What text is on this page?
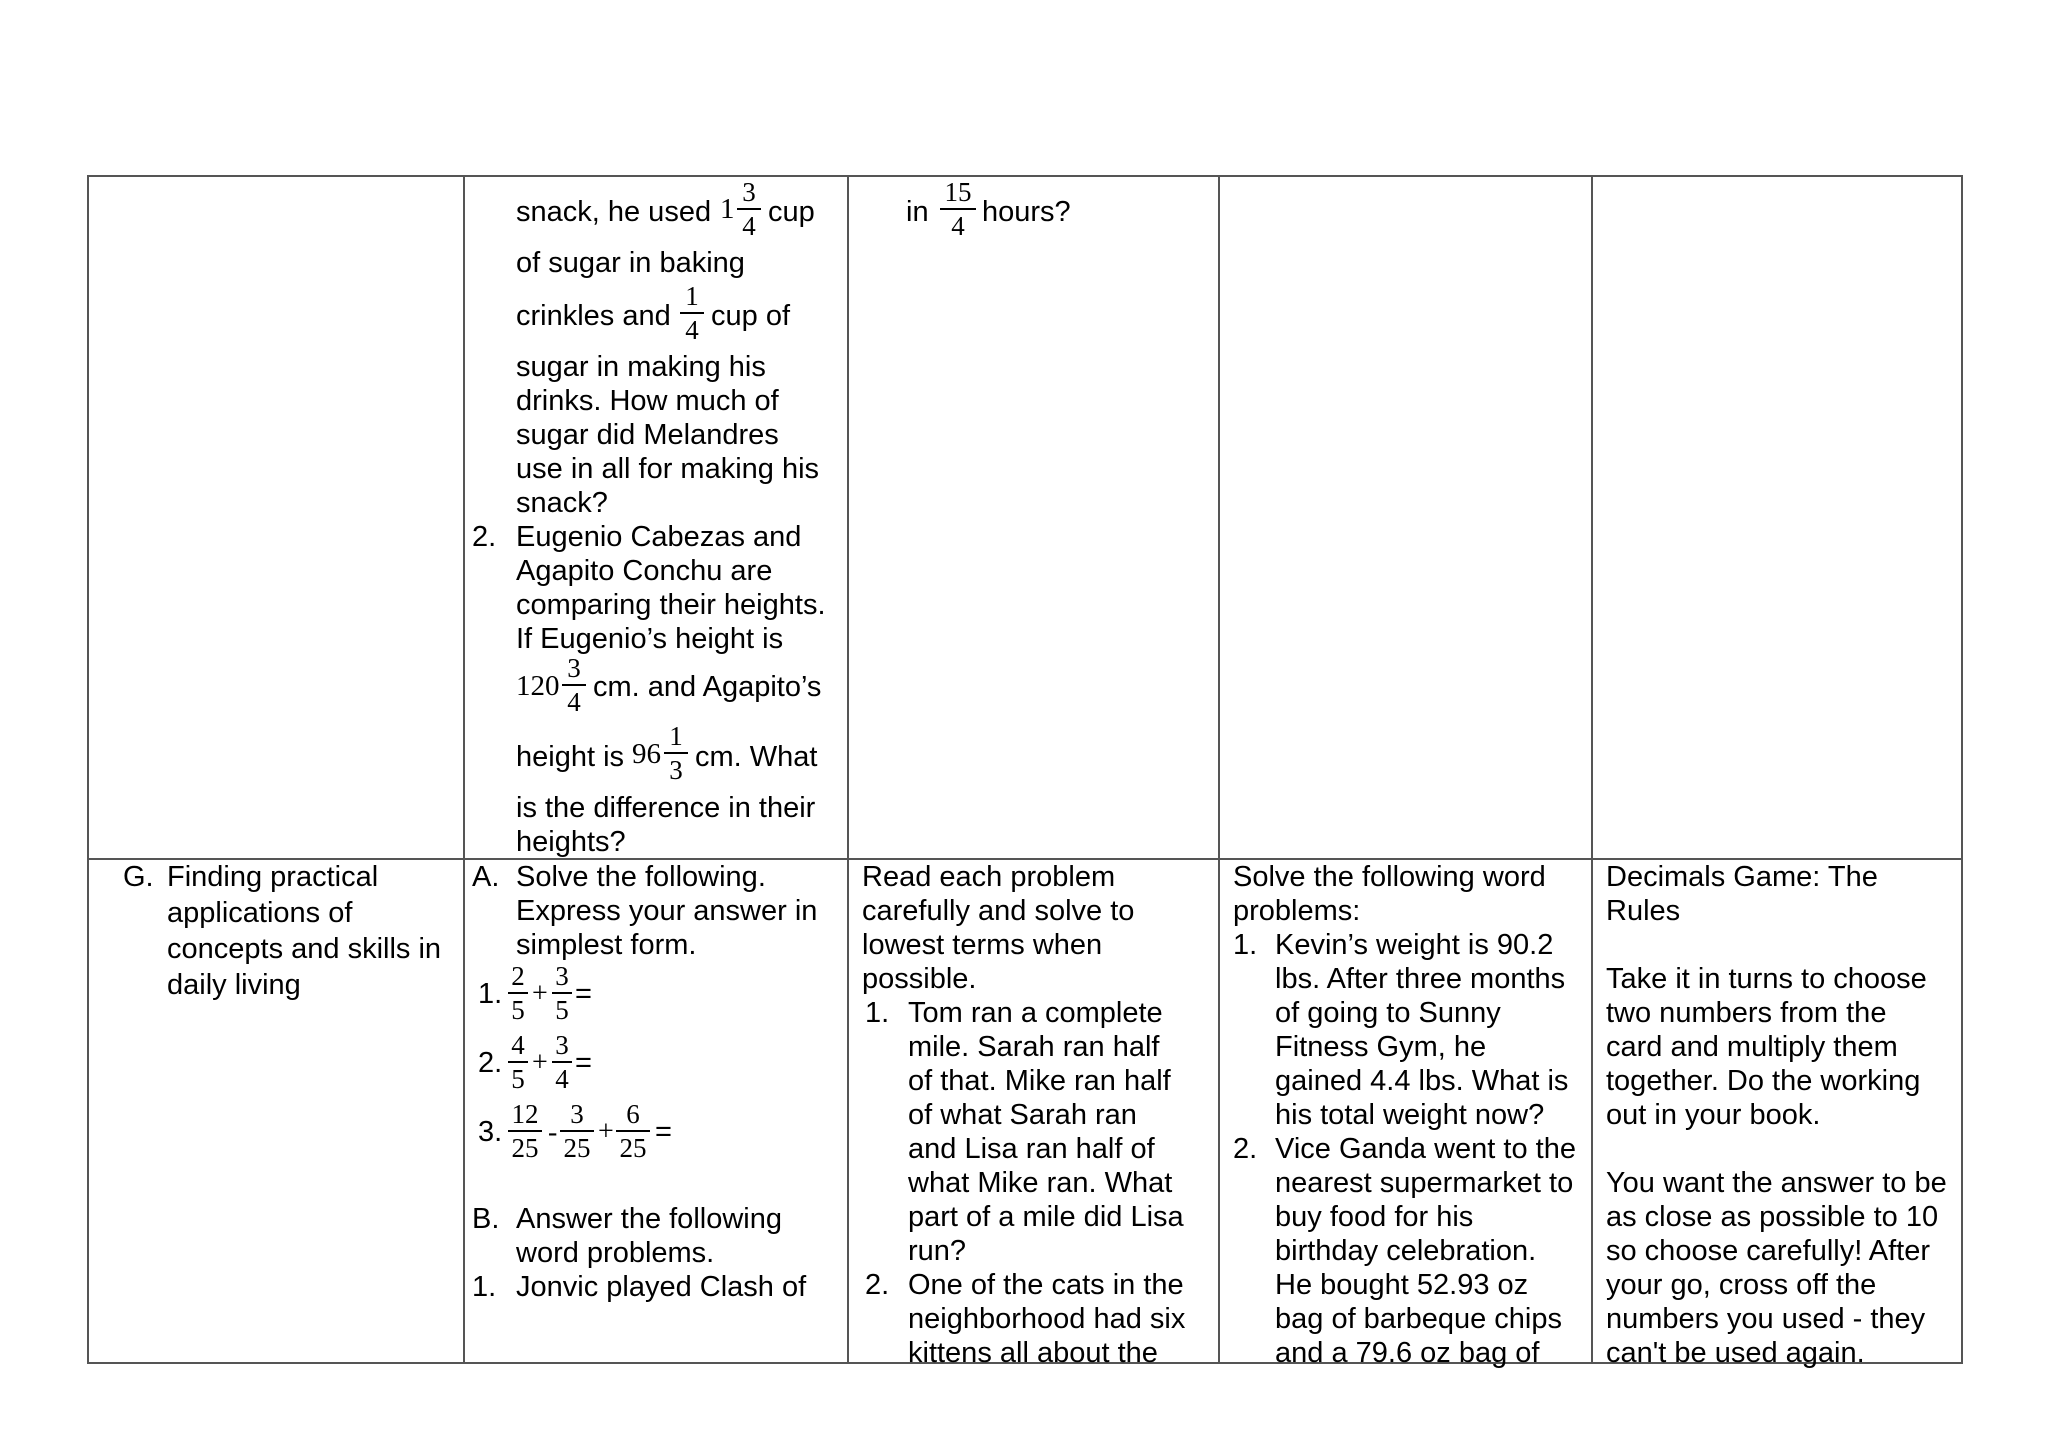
snack, he used 1
3
4 cup
of sugar in baking
crinkles and
1
4 cup of
sugar in making his
drinks. How much of
sugar did Melandres
use in all for making his
snack?
2. Eugenio Cabezas and
Agapito Conchu are
comparing their heights.
If Eugenio’s height is
120
3
4 cm. and Agapito’s
height is 96
1
3 cm. What
is the difference in their
heights?
in
15
4 hours?
G. Finding practical
applications of
concepts and skills in
daily living
A. Solve the following.
Express your answer in
simplest form.
1.
2
5
+
3
5 =
2.
4
5
+
3
4 =
3.
12
25 -
3
25
+
6
25 =
B. Answer the following
word problems.
1. Jonvic played Clash of
Read each problem
carefully and solve to
lowest terms when
possible.
1. Tom ran a complete
mile. Sarah ran half
of that. Mike ran half
of what Sarah ran
and Lisa ran half of
what Mike ran. What
part of a mile did Lisa
run?
2. One of the cats in the
neighborhood had six
kittens all about the
Solve the following word
problems:
1. Kevin’s weight is 90.2
lbs. After three months
of going to Sunny
Fitness Gym, he
gained 4.4 lbs. What is
his total weight now?
2. Vice Ganda went to the
nearest supermarket to
buy food for his
birthday celebration.
He bought 52.93 oz
bag of barbeque chips
and a 79.6 oz bag of
Decimals Game: The
Rules
Take it in turns to choose
two numbers from the
card and multiply them
together. Do the working
out in your book.
You want the answer to be
as close as possible to 10
so choose carefully! After
your go, cross off the
numbers you used - they
can't be used again.
